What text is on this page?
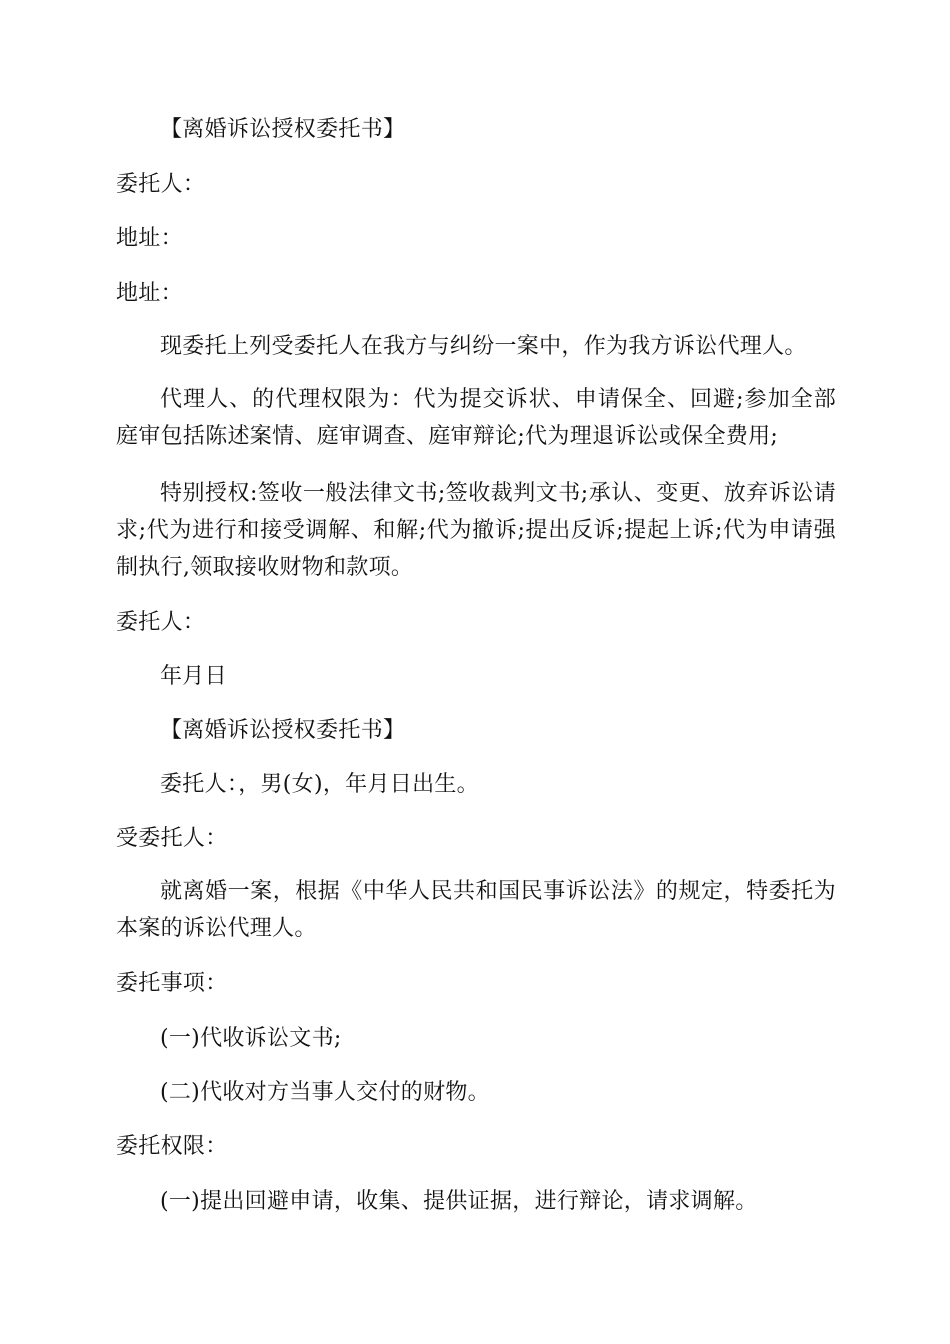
【离婚诉讼授权委托书】
委托人：
地址：
地址：
现委托上列受委托人在我方与纠纷一案中，作为我方诉讼代理人。
代理人、的代理权限为：代为提交诉状、申请保全、回避;参加全部庭审包括陈述案情、庭审调查、庭审辩论;代为理退诉讼或保全费用;
特别授权:签收一般法律文书;签收裁判文书;承认、变更、放弃诉讼请求;代为进行和接受调解、和解;代为撤诉;提出反诉;提起上诉;代为申请强制执行,领取接收财物和款项。
委托人：
年月日
【离婚诉讼授权委托书】
委托人：，男(女)，年月日出生。
受委托人：
就离婚一案，根据《中华人民共和国民事诉讼法》的规定，特委托为本案的诉讼代理人。
委托事项：
(一)代收诉讼文书;
(二)代收对方当事人交付的财物。
委托权限：
(一)提出回避申请，收集、提供证据，进行辩论，请求调解。
